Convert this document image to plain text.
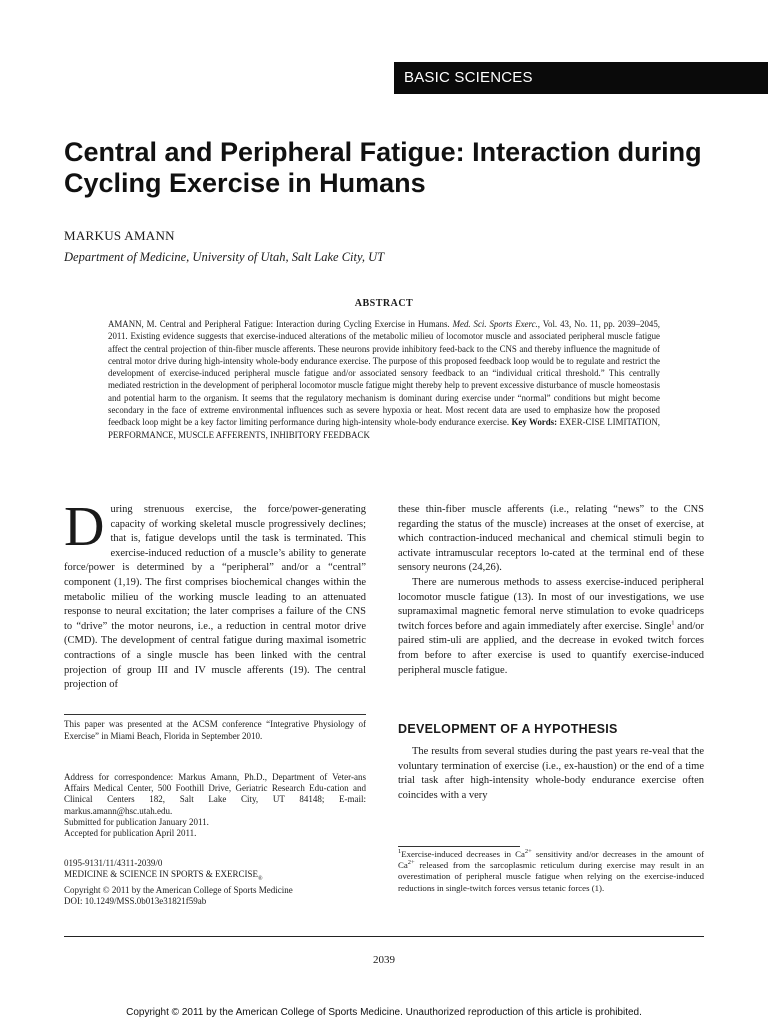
BASIC SCIENCES
Central and Peripheral Fatigue: Interaction during Cycling Exercise in Humans
MARKUS AMANN
Department of Medicine, University of Utah, Salt Lake City, UT
ABSTRACT

AMANN, M. Central and Peripheral Fatigue: Interaction during Cycling Exercise in Humans. Med. Sci. Sports Exerc., Vol. 43, No. 11, pp. 2039–2045, 2011. Existing evidence suggests that exercise-induced alterations of the metabolic milieu of locomotor muscle and associated peripheral muscle fatigue affect the central projection of thin-fiber muscle afferents. These neurons provide inhibitory feed-back to the CNS and thereby influence the magnitude of central motor drive during high-intensity whole-body endurance exercise. The purpose of this proposed feedback loop would be to regulate and restrict the development of exercise-induced peripheral muscle fatigue and/or associated sensory feedback to an “individual critical threshold.” This centrally mediated restriction in the development of peripheral locomotor muscle fatigue might thereby help to prevent excessive disturbance of muscle homeostasis and potential harm to the organism. It seems that the regulatory mechanism is dominant during exercise under “normal” conditions but might become secondary in the face of extreme environmental influences such as severe hypoxia or heat. Most recent data are used to emphasize how the proposed feedback loop might be a key factor limiting performance during high-intensity whole-body endurance exercise. Key Words: EXER-CISE LIMITATION, PERFORMANCE, MUSCLE AFFERENTS, INHIBITORY FEEDBACK

During strenuous exercise, the force/power-generating capacity of working skeletal muscle progressively declines; that is, fatigue develops until the task is terminated. This exercise-induced reduction of a muscle’s ability to generate force/power is determined by a “peripheral” and/or a “central” component (1,19). The first comprises biochemical changes within the metabolic milieu of the working muscle leading to an attenuated response to neural excitation; the later comprises a failure of the CNS to “drive” the motor neurons, i.e., a reduction in central motor drive (CMD). The development of central fatigue during maximal isometric contractions of a single muscle has been linked with the central projection of group III and IV muscle afferents (19). The central projection of

This paper was presented at the ACSM conference “Integrative Physiology of Exercise” in Miami Beach, Florida in September 2010.

Address for correspondence: Markus Amann, Ph.D., Department of Veter-ans Affairs Medical Center, 500 Foothill Drive, Geriatric Research Edu-cation and Clinical Centers 182, Salt Lake City, UT 84148; E-mail: markus.amann@hsc.utah.edu.

Submitted for publication January 2011.

Accepted for publication April 2011.

0195-9131/11/4311-2039/0

MEDICINE & SCIENCE IN SPORTS & $EXERCISE_®$

Copyright © 2011 by the American College of Sports Medicine

DOI: 10.1249/MSS.0b013e31821f59ab

these thin-fiber muscle afferents (i.e., relating “news” to the CNS regarding the status of the muscle) increases at the onset of exercise, at which contraction-induced mechanical and chemical stimuli begin to activate intramuscular receptors lo-cated at the terminal end of these sensory neurons (24,26).

There are numerous methods to assess exercise-induced peripheral locomotor muscle fatigue (13). In most of our investigations, we use supramaximal magnetic femoral nerve stimulation to evoke quadriceps twitch forces before and again immediately after exercise. Single$^1$ and/or paired stim-uli are applied, and the decrease in evoked twitch forces from before to after exercise is used to quantify exercise-induced peripheral muscle fatigue.

DEVELOPMENT OF A HYPOTHESIS

The results from several studies during the past years re-veal that the voluntary termination of exercise (i.e., ex-haustion) or the end of a time trial task after high-intensity whole-body endurance exercise often coincides with a very

$^1$Exercise-induced decreases in $Ca^{2+}$ sensitivity and/or decreases in the amount of $Ca^{2+}$ released from the sarcoplasmic reticulum during exercise may result in an overestimation of peripheral muscle fatigue when relying on the exercise-induced reductions in single-twitch forces versus tetanic forces (1).

2039
Copyright © 2011 by the American College of Sports Medicine. Unauthorized reproduction of this article is prohibited.
